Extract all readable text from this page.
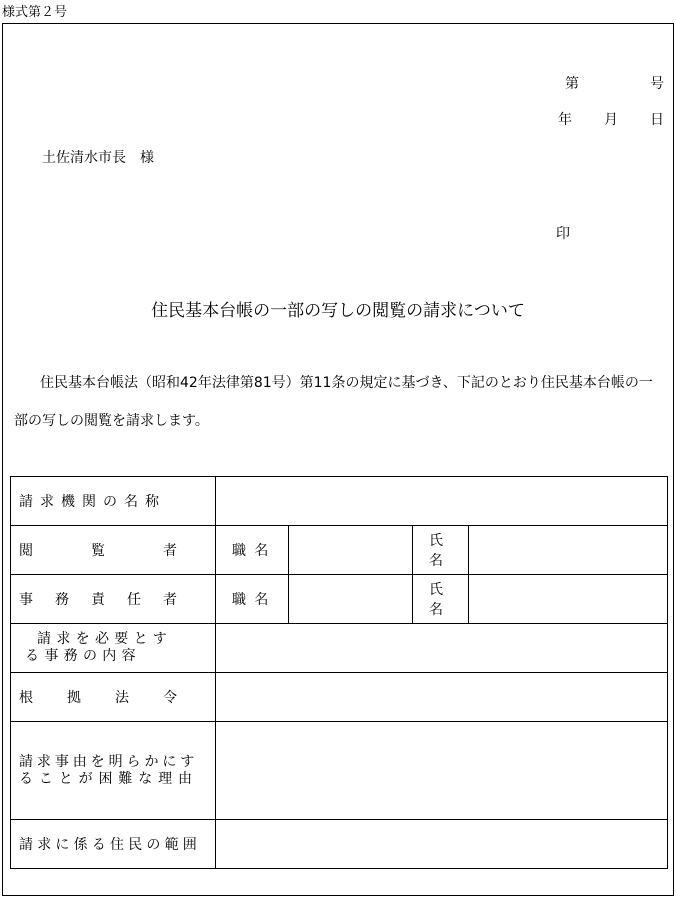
様式第２号
第	号
年 月 日
土佐清水市長　様
印
住民基本台帳の一部の写しの閲覧の請求について
住民基本台帳法（昭和42年法律第81号）第11条の規定に基づき、下記のとおり住民基本台帳の一
部の写しの閲覧を請求します。
請求機関の名称				

閲 覧 者	職名		氏名	

事 務 責 任 者	職名		氏名	

請求を必要とす
る事務の内容				

根 拠 法 令				

請求事由を明らかにす
ることが困難な理由				

請求に係る住民の範囲				
